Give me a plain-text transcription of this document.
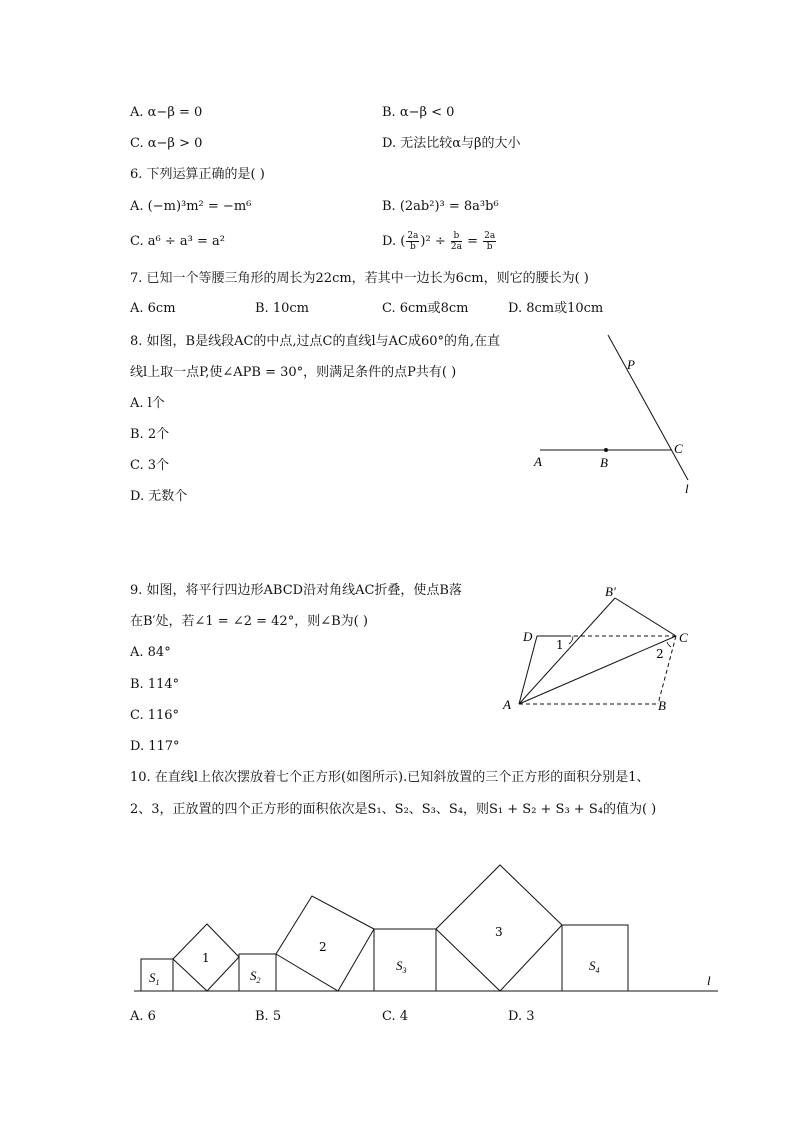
A. α−β = 0	B. α−β < 0
C. α−β > 0	D. 无法比较α与β的大小
6. 下列运算正确的是( )
A. (−m)³m² = −m⁶	B. (2ab²)³ = 8a³b⁶
C. a⁶ ÷ a³ = a²	D. ( $\frac{2a}{b} )^2 \div \frac{b}{2a} = \frac{2a}{b}$
7. 已知一个等腰三角形的周长为22cm，若其中一边长为6cm，则它的腰长为( )
A. 6cm	B. 10cm	C. 6cm或8cm	D. 8cm或10cm
8. 如图，B是线段AC的中点,过点C的直线l与AC成60°的角,在直
线l上取一点P,使∠APB = 30°，则满足条件的点P共有( )
A. l个
B. 2个
C. 3个
D. 无数个
P
A	B
C
l
9. 如图，将平行四边形ABCD沿对角线AC折叠，使点B落
在B′处，若∠1 = ∠2 = 42°，则∠B为( )
A. 84°
B. 114°
C. 116°
D. 117°
B′
D	C
A	B
1
2
10. 在直线l上依次摆放着七个正方形(如图所示).已知斜放置的三个正方形的面积分别是1、
2、3，正放置的四个正方形的面积依次是S₁、S₂、S₃、S₄，则S₁ + S₂ + S₃ + S₄的值为( )
$S_1$
1
$S_2$
2
$S_3$
3
$S_4$
l
A. 6	B. 5	C. 4	D. 3
